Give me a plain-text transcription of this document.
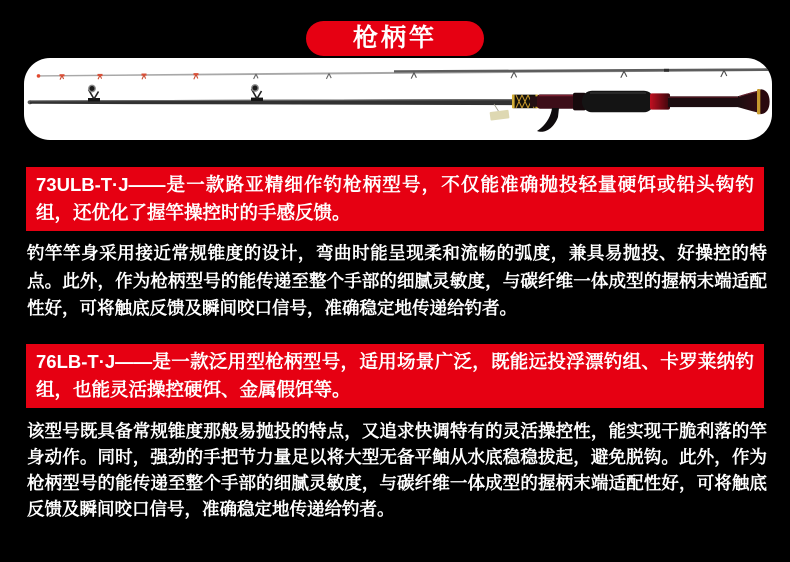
枪柄竿
73ULB-T·J——是一款路亚精细作钓枪柄型号，不仅能准确抛投轻量硬饵或铅头钩钓组，还优化了握竿操控时的手感反馈。
钓竿竿身采用接近常规锥度的设计，弯曲时能呈现柔和流畅的弧度，兼具易抛投、好操控的特点。此外，作为枪柄型号的能传递至整个手部的细腻灵敏度，与碳纤维一体成型的握柄末端适配性好，可将触底反馈及瞬间咬口信号，准确稳定地传递给钓者。
76LB-T·J——是一款泛用型枪柄型号，适用场景广泛，既能远投浮漂钓组、卡罗莱纳钓组，也能灵活操控硬饵、金属假饵等。
该型号既具备常规锥度那般易抛投的特点，又追求快调特有的灵活操控性，能实现干脆利落的竿身动作。同时，强劲的手把节力量足以将大型无备平鲉从水底稳稳拔起，避免脱钩。此外，作为枪柄型号的能传递至整个手部的细腻灵敏度，与碳纤维一体成型的握柄末端适配性好，可将触底反馈及瞬间咬口信号，准确稳定地传递给钓者。
